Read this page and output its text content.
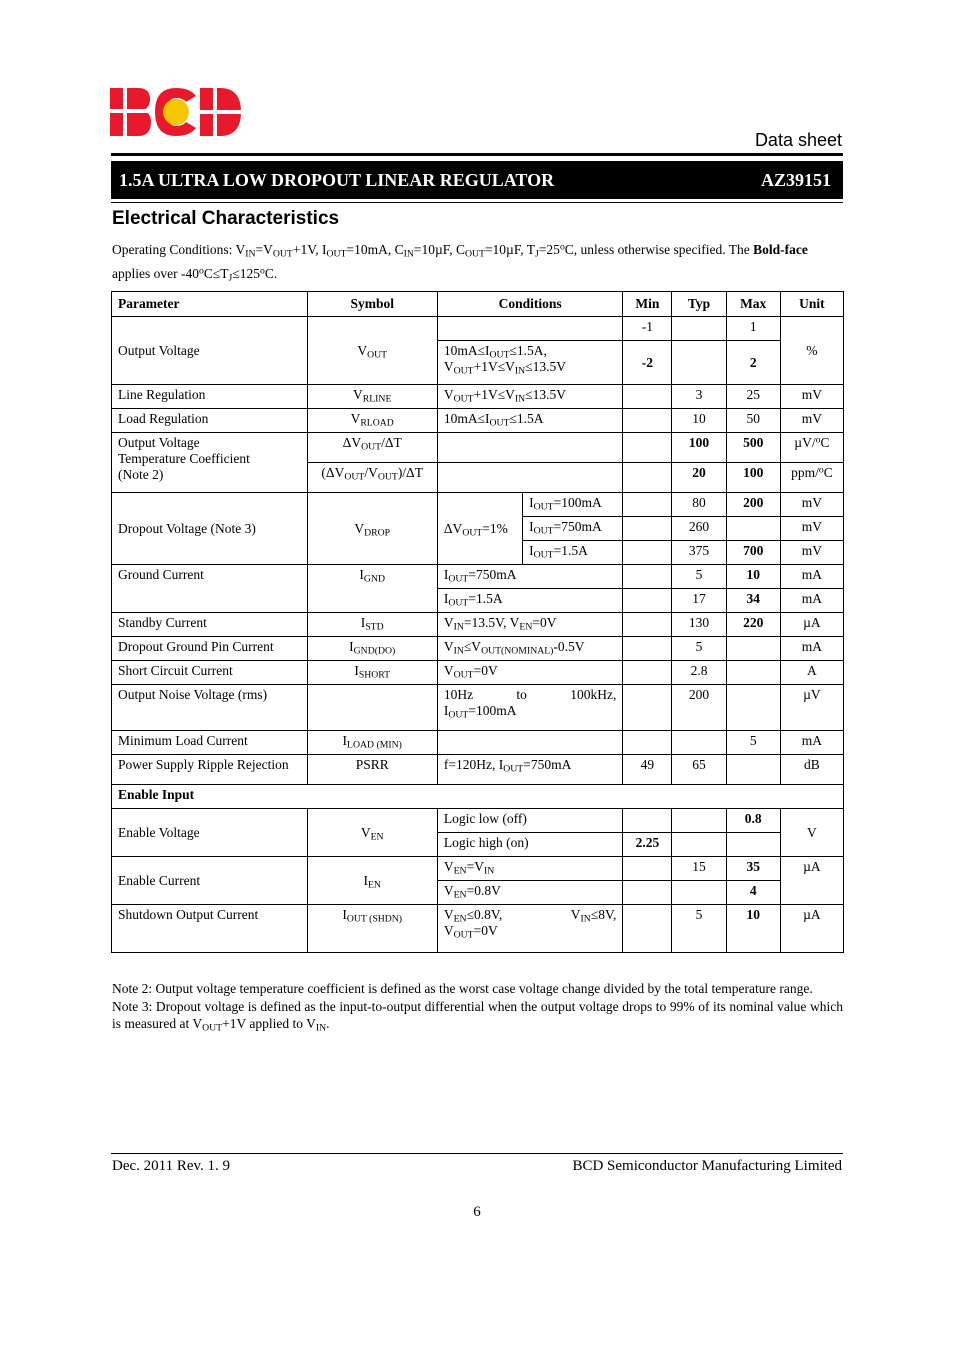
Data sheet
1.5A ULTRA LOW DROPOUT LINEAR REGULATOR	AZ39151
Electrical Characteristics
Operating Conditions: $V_{IN}=V_{OUT}+1V$, $I_{OUT}=10mA$, $C_{IN}=10\mu F$, $C_{OUT}=10\mu F$, $T_J=25^oC$, unless otherwise specified. The Bold-face applies over $-40^oC\le T_J\le 125^oC$.
Parameter	Symbol	Conditions		Min	Typ	Max	Unit
Output Voltage	$V_{OUT}$			-1		1	%
		$10mA\le I_{OUT}\le 1.5A$,
$V_{OUT}+1V\le V_{IN}\le 13.5V$		-2		2	
Line Regulation	$V_{RLINE}$	$V_{OUT}+1V\le V_{IN}\le 13.5V$			3	25	mV
Load Regulation	$V_{RLOAD}$	$10mA\le I_{OUT}\le 1.5A$			10	50	mV
Output Voltage
Temperature Coefficient
(Note 2)	$\Delta V_{OUT}/\Delta T$				100	500	µV/$^o$C
	$(\Delta V_{OUT}/V_{OUT})/\Delta T$				20	100	ppm/$^o$C
Dropout Voltage (Note 3)	$V_{DROP}$	$\Delta V_{OUT}=1\%$	$I_{OUT}=100mA$		80	200	mV
			$I_{OUT}=750mA$		260		mV
			$I_{OUT}=1.5A$		375	700	mV
Ground Current	$I_{GND}$	$I_{OUT}=750mA$			5	10	mA
		$I_{OUT}=1.5A$			17	34	mA
Standby Current	$I_{STD}$	$V_{IN}=13.5V$, $V_{EN}=0V$			130	220	µA
Dropout Ground Pin Current	$I_{GND(DO)}$	$V_{IN}\le V_{OUT(NOMINAL)}-0.5V$			5		mA
Short Circuit Current	$I_{SHORT}$	$V_{OUT}=0V$			2.8		A
Output Noise Voltage (rms)		10Hz to 100kHz,
$I_{OUT}=100mA$			200		µV
Minimum Load Current	$I_{LOAD (MIN)}$					5	mA
Power Supply Ripple Rejection	PSRR	f=120Hz, $I_{OUT}=750mA$		49	65		dB
Enable Input							
Enable Voltage	$V_{EN}$	Logic low (off)				0.8	V
		Logic high (on)		2.25			
Enable Current	$I_{EN}$	$V_{EN}=V_{IN}$			15	35	µA
		$V_{EN}=0.8V$				4	
Shutdown Output Current	$I_{OUT (SHDN)}$	$V_{EN}\le 0.8V$, $V_{IN}\le 8V$,
$V_{OUT}=0V$			5	10	µA
Note 2: Output voltage temperature coefficient is defined as the worst case voltage change divided by the total temperature range.
Note 3: Dropout voltage is defined as the input-to-output differential when the output voltage drops to 99% of its nominal value which is measured at $V_{OUT}+1V$ applied to $V_{IN}$.
Dec. 2011 Rev. 1. 9	BCD Semiconductor Manufacturing Limited
6
